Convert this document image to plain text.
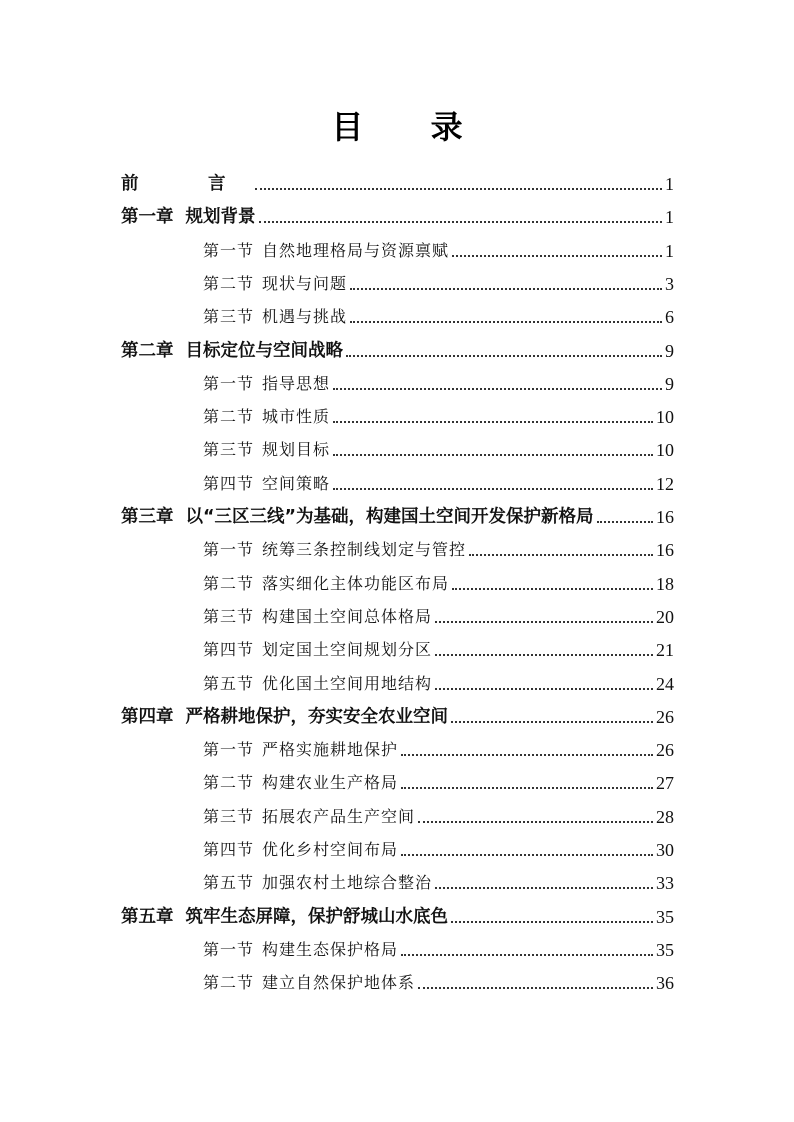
目 录
前　言	1
第一章 规划背景	1
第一节 自然地理格局与资源禀赋	1
第二节 现状与问题	3
第三节 机遇与挑战	6
第二章 目标定位与空间战略	9
第一节 指导思想	9
第二节 城市性质	10
第三节 规划目标	10
第四节 空间策略	12
第三章 以“三区三线”为基础，构建国土空间开发保护新格局	16
第一节 统筹三条控制线划定与管控	16
第二节 落实细化主体功能区布局	18
第三节 构建国土空间总体格局	20
第四节 划定国土空间规划分区	21
第五节 优化国土空间用地结构	24
第四章 严格耕地保护，夯实安全农业空间	26
第一节 严格实施耕地保护	26
第二节 构建农业生产格局	27
第三节 拓展农产品生产空间	28
第四节 优化乡村空间布局	30
第五节 加强农村土地综合整治	33
第五章 筑牢生态屏障，保护舒城山水底色	35
第一节 构建生态保护格局	35
第二节 建立自然保护地体系	36
